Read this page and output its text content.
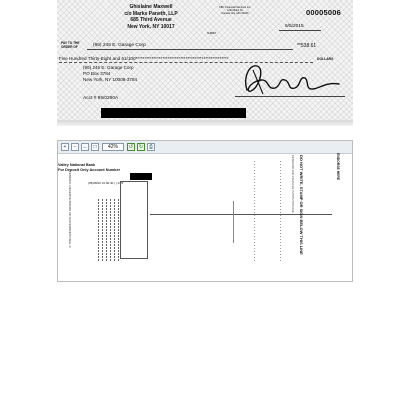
Ghislaine Maxwell
c/o Marks Paneth, LLP
685 Third Avenue
New York, NY 10017
CBC Financial Services Inc.
1234 Bank St.
Kansas City, MO 64106	00005006
6/5/2015
SUBMIT
PAY TO THE
ORDER OF	(95) 245 E. Garage Corp	**538.61
Five Hundred Thirty-Eight and 61/100****************************************************	DOLLARS
(95) 245 E. Garage Corp
PO Box 3784
New York, NY 10008-3784
Acct # 95/0290A
+	−	↔	□	42%	↺	↻	⎙
Valley National Bank
For Deposit Only Account Number
(05)08/20 10:00:40 | | 1/29
FEDERAL RESERVE BOARD OF GOVERNORS REG. C	RESERVED FOR FINANCIAL INSTITUTION USE	DO NOT WRITE, STAMP OR SIGN BELOW THIS LINE	ENDORSE HERE
